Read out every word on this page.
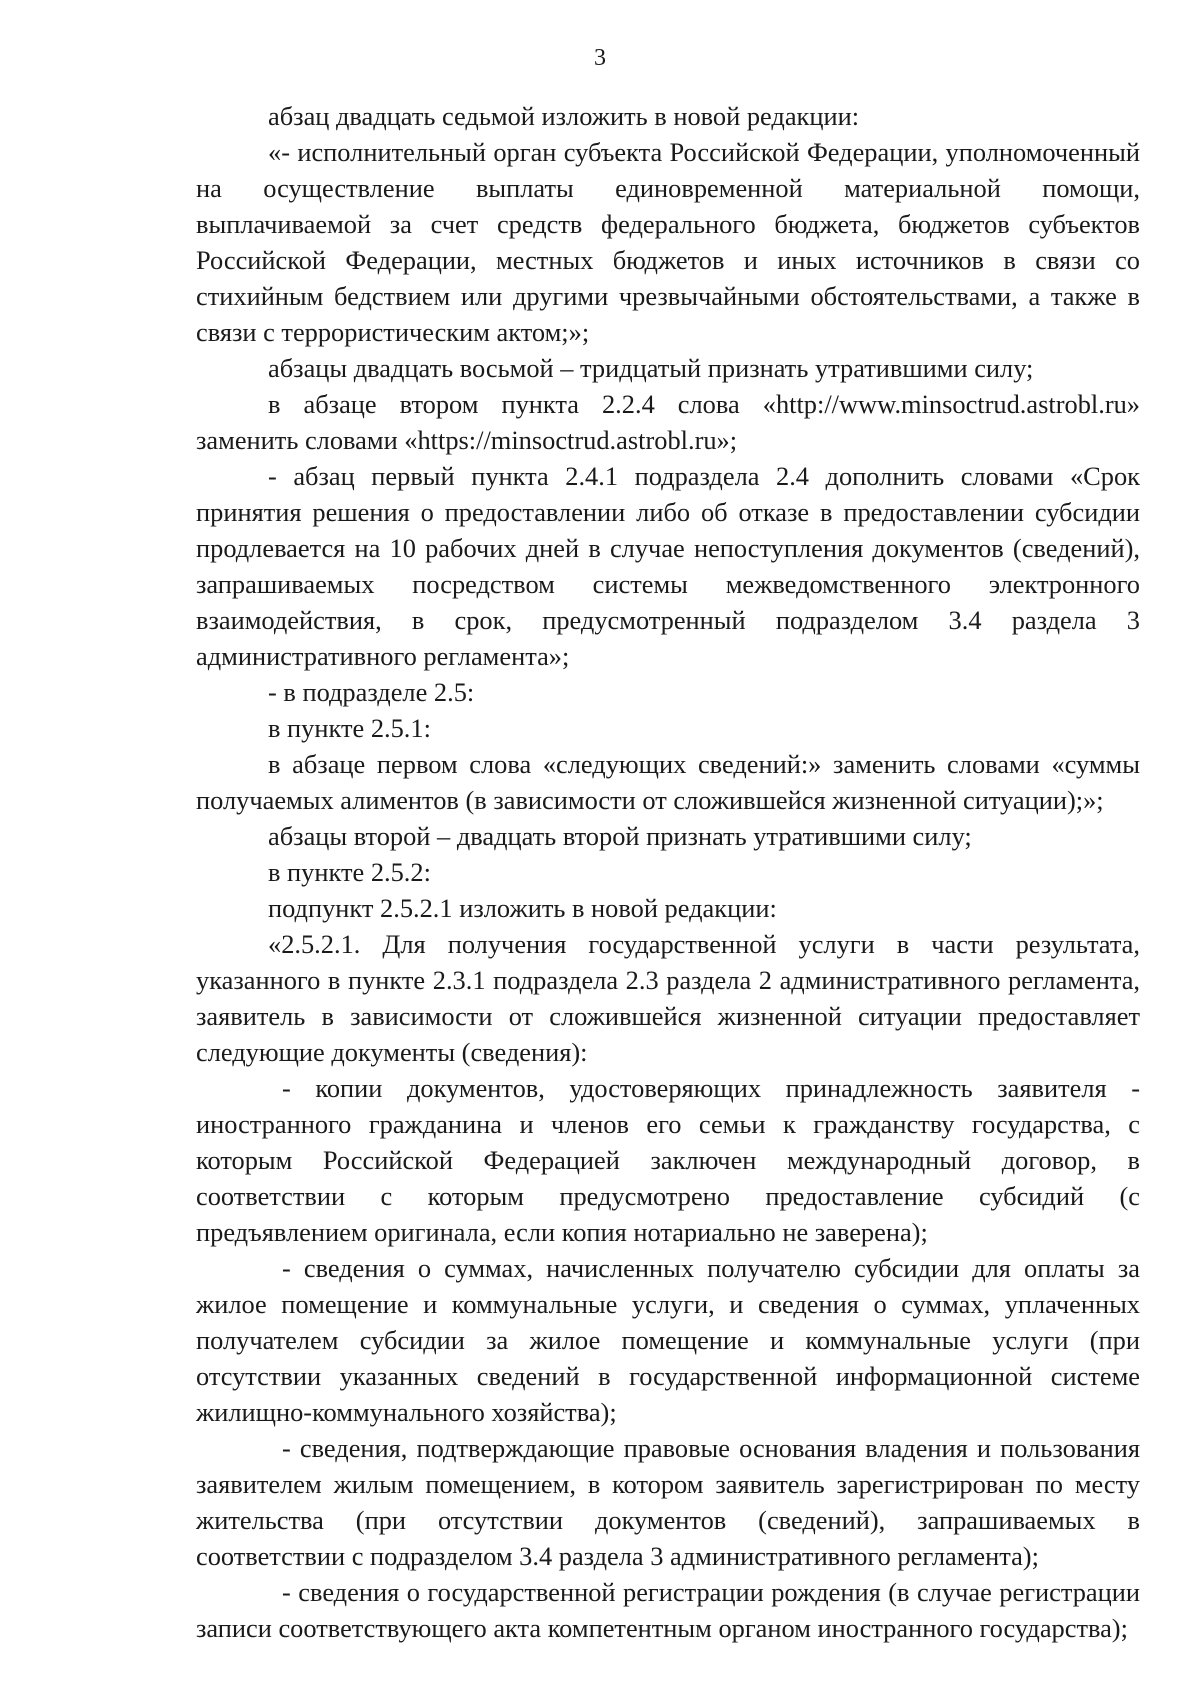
3

абзац двадцать седьмой изложить в новой редакции:

«- исполнительный орган субъекта Российской Федерации, уполномоченный на осуществление выплаты единовременной материальной помощи, выплачиваемой за счет средств федерального бюджета, бюджетов субъектов Российской Федерации, местных бюджетов и иных источников в связи со стихийным бедствием или другими чрезвычайными обстоятельствами, а также в связи с террористическим актом;»;

абзацы двадцать восьмой – тридцатый признать утратившими силу;

в абзаце втором пункта 2.2.4 слова «http://www.minsoctrud.astrobl.ru» заменить словами «https://minsoctrud.astrobl.ru»;

- абзац первый пункта 2.4.1 подраздела 2.4 дополнить словами «Срок принятия решения о предоставлении либо об отказе в предоставлении субсидии продлевается на 10 рабочих дней в случае непоступления документов (сведений), запрашиваемых посредством системы межведомственного электронного взаимодействия, в срок, предусмотренный подразделом 3.4 раздела 3 административного регламента»;

- в подразделе 2.5:

в пункте 2.5.1:

в абзаце первом слова «следующих сведений:» заменить словами «суммы получаемых алиментов (в зависимости от сложившейся жизненной ситуации);»;

абзацы второй – двадцать второй признать утратившими силу;

в пункте 2.5.2:

подпункт 2.5.2.1 изложить в новой редакции:

«2.5.2.1. Для получения государственной услуги в части результата, указанного в пункте 2.3.1 подраздела 2.3 раздела 2 административного регламента, заявитель в зависимости от сложившейся жизненной ситуации предоставляет следующие документы (сведения):

- копии документов, удостоверяющих принадлежность заявителя - иностранного гражданина и членов его семьи к гражданству государства, с которым Российской Федерацией заключен международный договор, в соответствии с которым предусмотрено предоставление субсидий (с предъявлением оригинала, если копия нотариально не заверена);

- сведения о суммах, начисленных получателю субсидии для оплаты за жилое помещение и коммунальные услуги, и сведения о суммах, уплаченных получателем субсидии за жилое помещение и коммунальные услуги (при отсутствии указанных сведений в государственной информационной системе жилищно-коммунального хозяйства);

- сведения, подтверждающие правовые основания владения и пользования заявителем жилым помещением, в котором заявитель зарегистрирован по месту жительства (при отсутствии документов (сведений), запрашиваемых в соответствии с подразделом 3.4 раздела 3 административного регламента);

- сведения о государственной регистрации рождения (в случае регистрации записи соответствующего акта компетентным органом иностранного государства);
